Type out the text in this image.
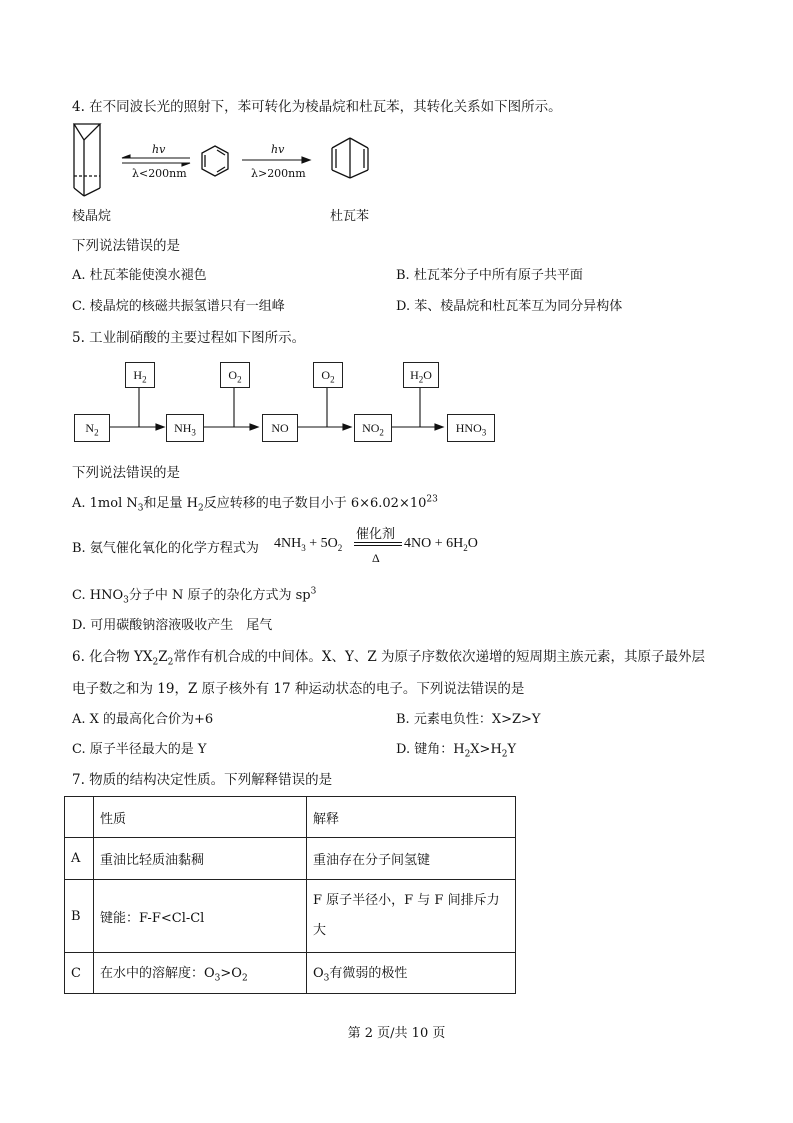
4. 在不同波长光的照射下，苯可转化为棱晶烷和杜瓦苯，其转化关系如下图所示。
hv
λ<200nm
hv
λ>200nm
棱晶烷	杜瓦苯
下列说法错误的是
A. 杜瓦苯能使溴水褪色	B. 杜瓦苯分子中所有原子共平面
C. 棱晶烷的核磁共振氢谱只有一组峰	D. 苯、棱晶烷和杜瓦苯互为同分异构体
5. 工业制硝酸的主要过程如下图所示。
$H_2$	$O_2$	$O_2$	$H_2O$
$N_2$	$NH_3$	NO	$NO_2$	$HNO_3$
下列说法错误的是
A. 1mol $N_3$和足量 $H_2$反应转移的电子数目小于 $6\times 6.02\times 10^{23}$
B. 氨气催化氧化的化学方程式为 $4NH_3 + 5O_2$
催化剂
Δ
$4NO + 6H_2O$
C. $HNO_3$分子中 N 原子的杂化方式为 $sp^3$
D. 可用碳酸钠溶液吸收产生　尾气
6. 化合物 $YX_2Z_2$常作有机合成的中间体。X、Y、Z 为原子序数依次递增的短周期主族元素，其原子最外层
电子数之和为 19，Z 原子核外有 17 种运动状态的电子。下列说法错误的是
A. X 的最高化合价为+6	B. 元素电负性：X>Z>Y
C. 原子半径最大的是 Y	D. 键角：$H_2X>H_2Y$
7. 物质的结构决定性质。下列解释错误的是
	性质	解释
A	重油比轻质油黏稠	重油存在分子间氢键
B	键能：F-F<Cl-Cl	F 原子半径小，F 与 F 间排斥力
大
C	在水中的溶解度：$O_3>O_2$	$O_3$有微弱的极性
第 2 页/共 10 页
